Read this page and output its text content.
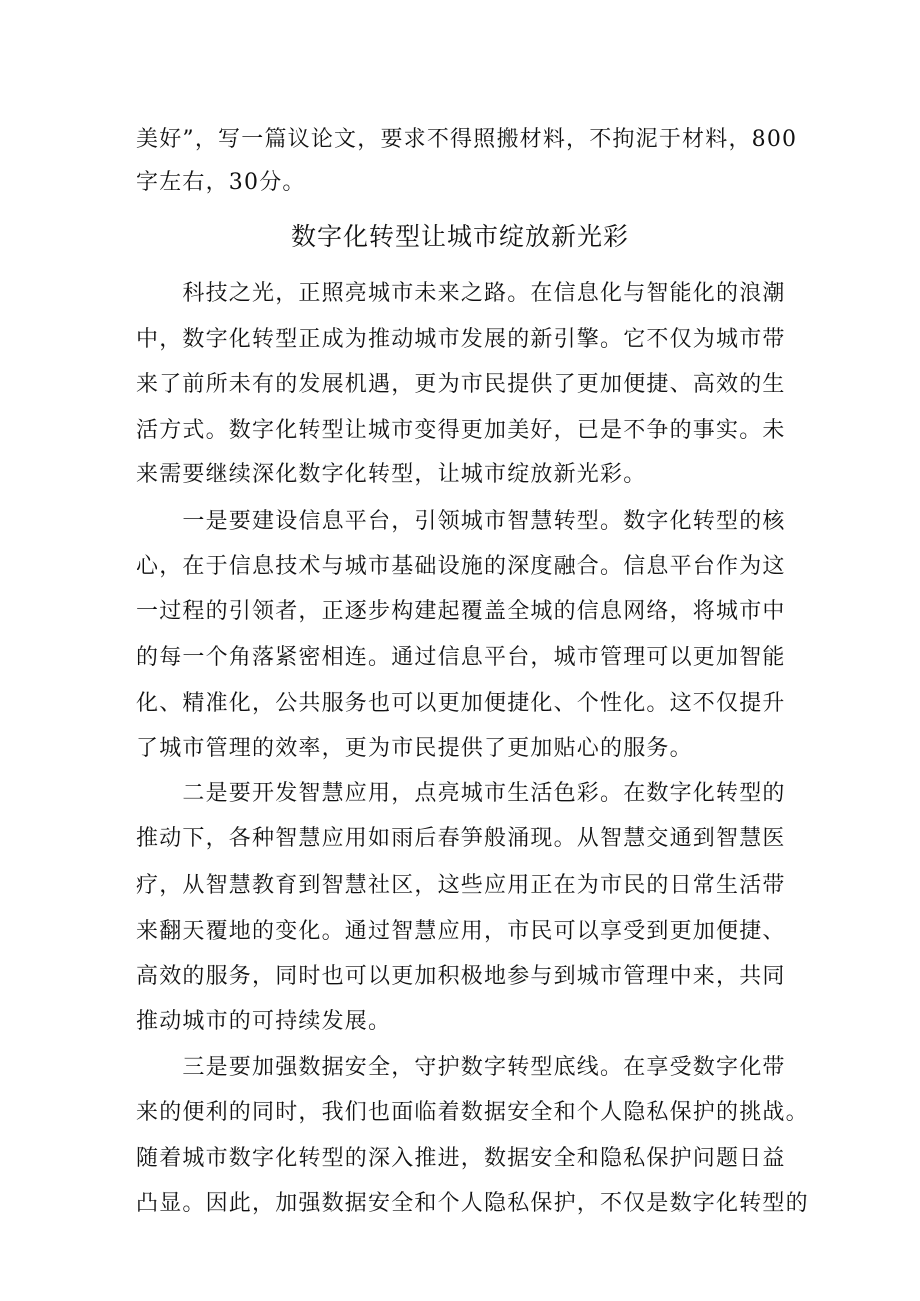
美好”，写一篇议论文，要求不得照搬材料，不拘泥于材料，800
字左右，30分。
数字化转型让城市绽放新光彩
　　科技之光，正照亮城市未来之路。在信息化与智能化的浪潮
中，数字化转型正成为推动城市发展的新引擎。它不仅为城市带
来了前所未有的发展机遇，更为市民提供了更加便捷、高效的生
活方式。数字化转型让城市变得更加美好，已是不争的事实。未
来需要继续深化数字化转型，让城市绽放新光彩。
　　一是要建设信息平台，引领城市智慧转型。数字化转型的核
心，在于信息技术与城市基础设施的深度融合。信息平台作为这
一过程的引领者，正逐步构建起覆盖全城的信息网络，将城市中
的每一个角落紧密相连。通过信息平台，城市管理可以更加智能
化、精准化，公共服务也可以更加便捷化、个性化。这不仅提升
了城市管理的效率，更为市民提供了更加贴心的服务。
　　二是要开发智慧应用，点亮城市生活色彩。在数字化转型的
推动下，各种智慧应用如雨后春笋般涌现。从智慧交通到智慧医
疗，从智慧教育到智慧社区，这些应用正在为市民的日常生活带
来翻天覆地的变化。通过智慧应用，市民可以享受到更加便捷、
高效的服务，同时也可以更加积极地参与到城市管理中来，共同
推动城市的可持续发展。
　　三是要加强数据安全，守护数字转型底线。在享受数字化带
来的便利的同时，我们也面临着数据安全和个人隐私保护的挑战。
随着城市数字化转型的深入推进，数据安全和隐私保护问题日益
凸显。因此，加强数据安全和个人隐私保护，不仅是数字化转型的
